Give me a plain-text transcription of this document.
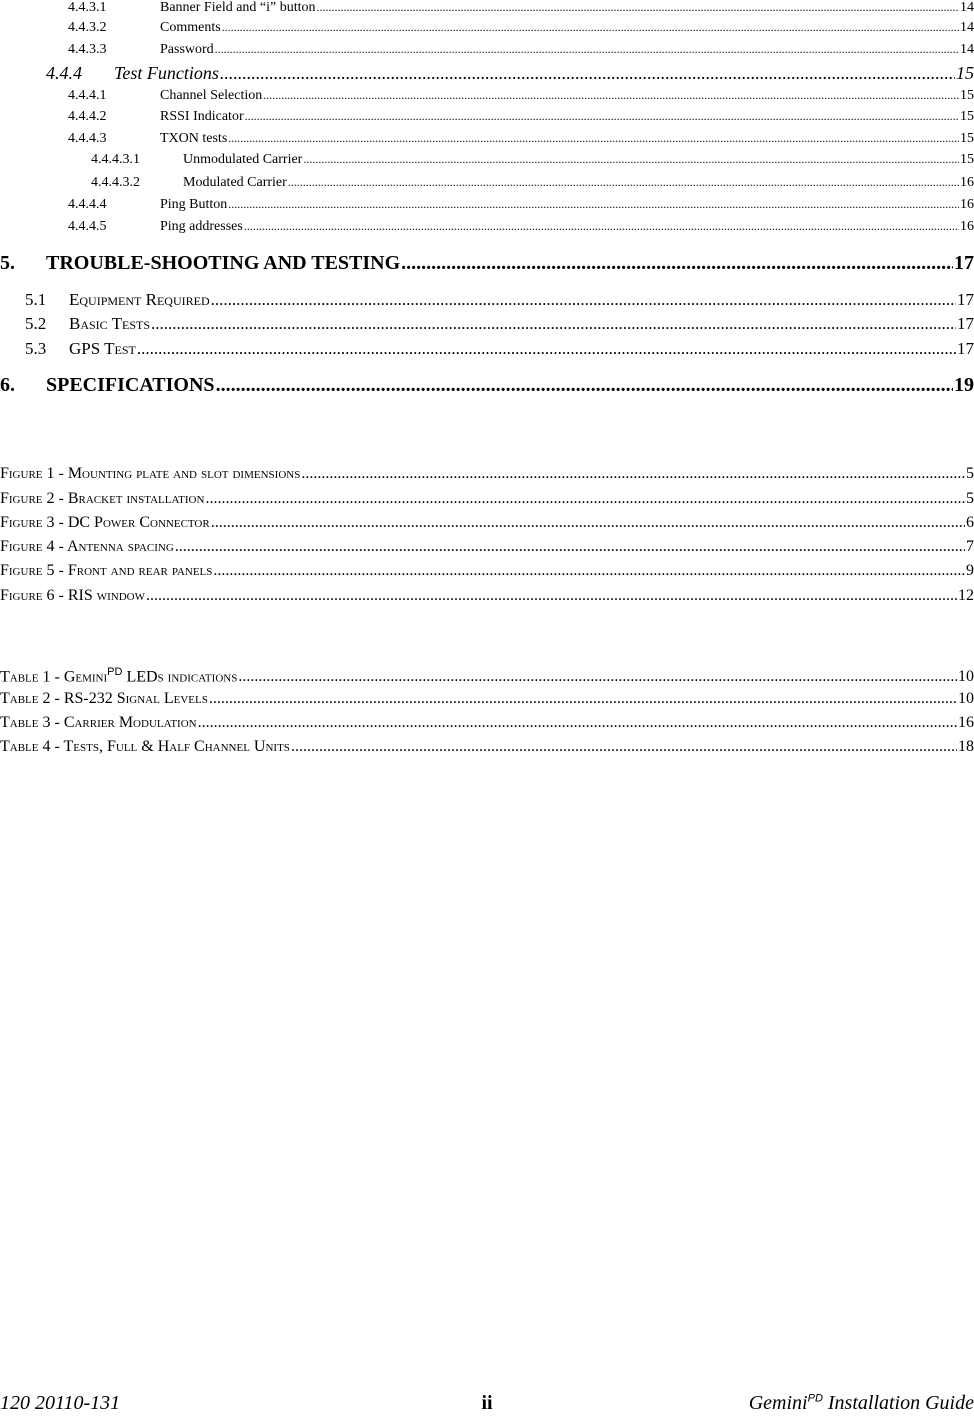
4.4.3.1	Banner Field and “i” button .....	14
4.4.3.2	Comments .....	14
4.4.3.3	Password .....	14
4.4.4	Test Functions .....	15
4.4.4.1	Channel Selection .....	15
4.4.4.2	RSSI Indicator .....	15
4.4.4.3	TXON tests .....	15
4.4.4.3.1	Unmodulated Carrier .....	15
4.4.4.3.2	Modulated Carrier .....	16
4.4.4.4	Ping Button .....	16
4.4.4.5	Ping addresses .....	16
5.	TROUBLE-SHOOTING AND TESTING .....	17
5.1	Equipment Required .....	17
5.2	Basic Tests .....	17
5.3	GPS Test .....	17
6.	SPECIFICATIONS .....	19
Figure 1 - Mounting plate and slot dimensions .....	5
Figure 2 - Bracket installation .....	5
Figure 3 - DC Power Connector .....	6
Figure 4 - Antenna spacing .....	7
Figure 5 - Front and rear panels .....	9
Figure 6 - RIS window .....	12
Table 1 - Gemini$^{PD}$ LEDs indications .....	10
Table 2 - RS-232 Signal Levels .....	10
Table 3 - Carrier Modulation .....	16
Table 4 - Tests, Full & Half Channel Units .....	18
120 20110-131	ii	Gemini$^{PD}$ Installation Guide
